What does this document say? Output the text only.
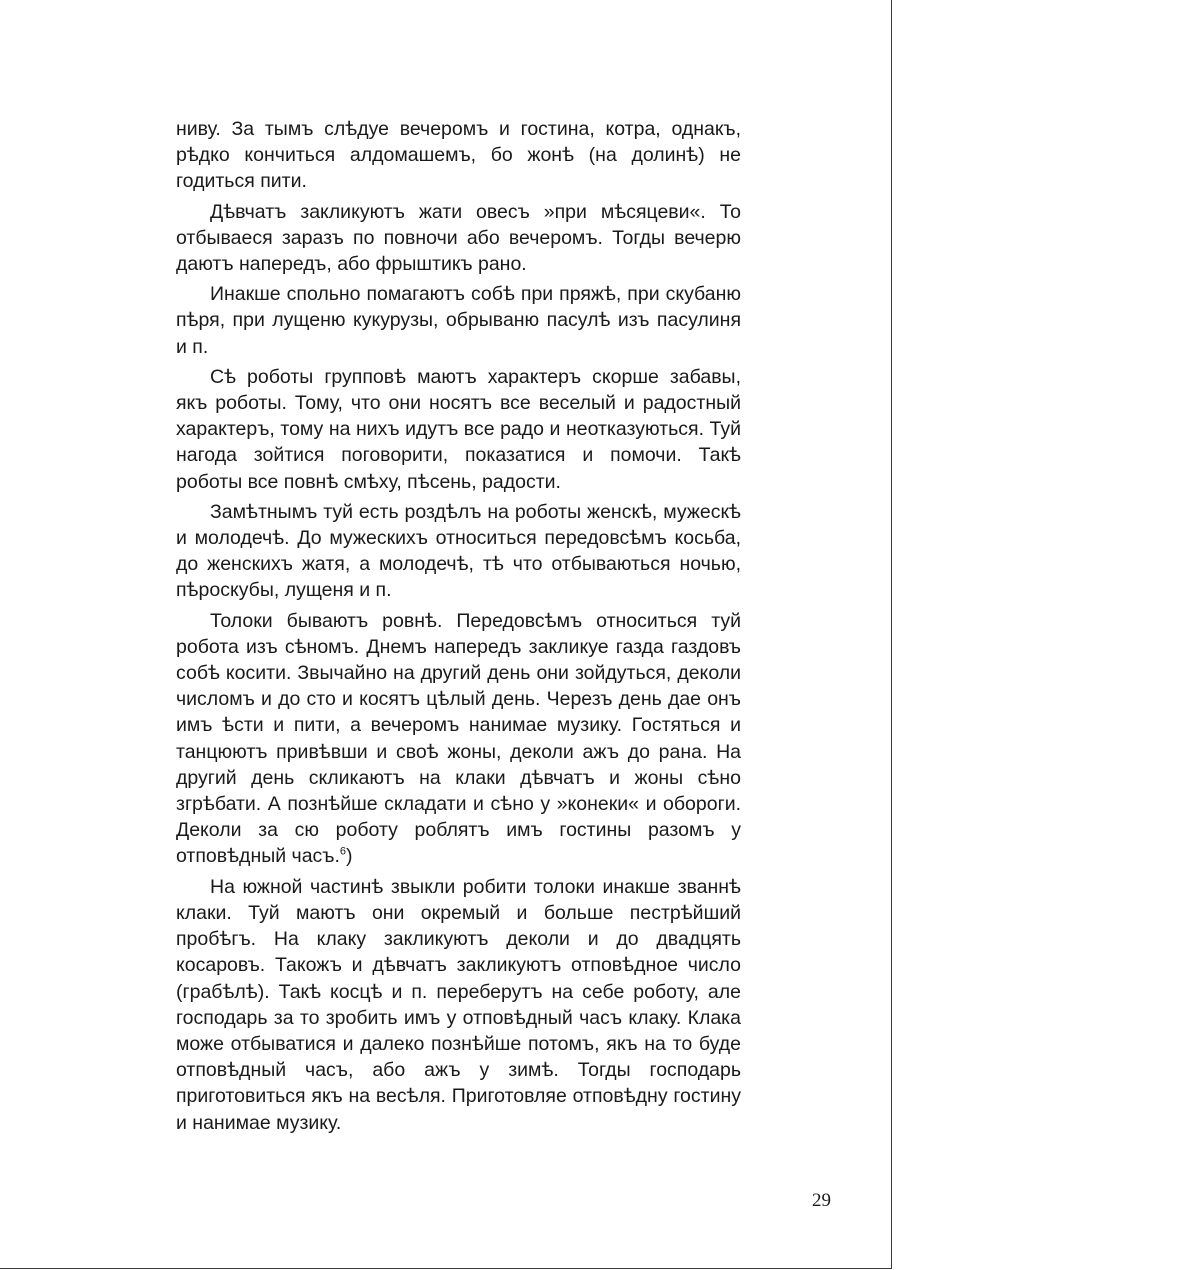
ниву. За тымъ слѣдуе вечеромъ и гостина, котра, однакъ, рѣдко кончиться алдомашемъ, бо жонѣ (на долинѣ) не годиться пити.

Дѣвчатъ закликуютъ жати овесъ »при мѣсяцеви«. То отбываеся заразъ по повночи або вечеромъ. Тогды вечерю даютъ напередъ, або фрыштикъ рано.

Инакше спольно помагаютъ собѣ при пряжѣ, при скубаню пѣря, при лущеню кукурузы, обрываню пасулѣ изъ пасулиня и п.

Сѣ роботы групповѣ маютъ характеръ скорше забавы, якъ роботы. Тому, что они носятъ все веселый и радостный характеръ, тому на нихъ идутъ все радо и неотказуються. Туй нагода зойтися поговорити, показатися и помочи. Такѣ роботы все повнѣ смѣху, пѣсень, радости.

Замѣтнымъ туй есть роздѣлъ на роботы женскѣ, мужескѣ и молодечѣ. До мужескихъ относиться передовсѣмъ косьба, до женскихъ жатя, а молодечѣ, тѣ что отбываються ночью, пѣроскубы, лущеня и п.

Толоки бываютъ ровнѣ. Передовсѣмъ относиться туй робота изъ сѣномъ. Днемъ напередъ закликуе газда газдовъ собѣ косити. Звычайно на другий день они зойдуться, деколи числомъ и до сто и косятъ цѣлый день. Черезъ день дае онъ имъ ѣсти и пити, а вечеромъ нанимае музику. Гостяться и танцюютъ привѣвши и своѣ жоны, деколи ажъ до рана. На другий день скликаютъ на клаки дѣвчатъ и жоны сѣно згрѣбати. А познѣйше складати и сѣно у »конеки« и обороги. Деколи за сю роботу роблятъ имъ гостины разомъ у отповѣдный часъ.$^6$)

На южной частинѣ звыкли робити толоки инакше званнѣ клаки. Туй маютъ они окремый и больше пестрѣйший пробѣгъ. На клаку закликуютъ деколи и до двадцять косаровъ. Такожъ и дѣвчатъ закликуютъ отповѣдное число (грабѣлѣ). Такѣ косцѣ и п. переберутъ на себе роботу, але господарь за то зробить имъ у отповѣдный часъ клаку. Клака може отбыватися и далеко познѣйше потомъ, якъ на то буде отповѣдный часъ, або ажъ у зимѣ. Тогды господарь приготовиться якъ на весѣля. Приготовляе отповѣдну гостину и нанимае музику.

29
